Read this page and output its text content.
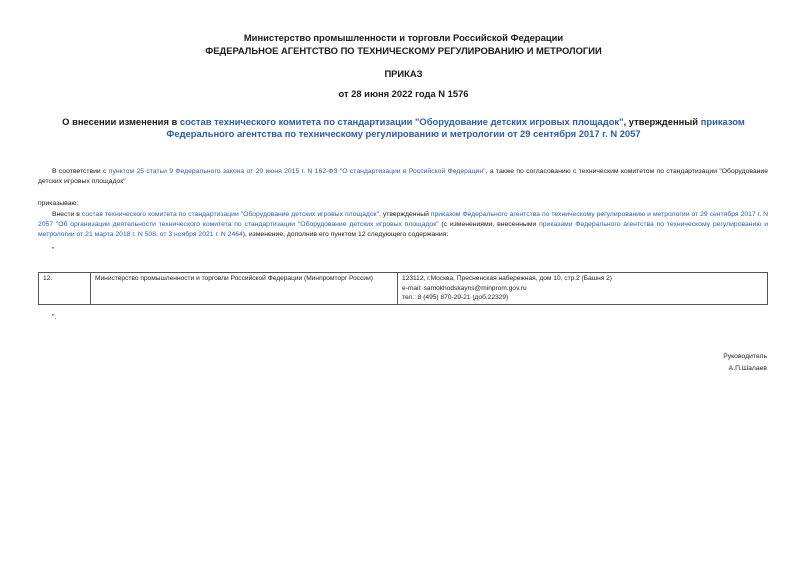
Министерство промышленности и торговли Российской Федерации
ФЕДЕРАЛЬНОЕ АГЕНТСТВО ПО ТЕХНИЧЕСКОМУ РЕГУЛИРОВАНИЮ И МЕТРОЛОГИИ
ПРИКАЗ
от 28 июня 2022 года N 1576
О внесении изменения в состав технического комитета по стандартизации "Оборудование детских игровых площадок", утвержденный приказом Федерального агентства по техническому регулированию и метрологии от 29 сентября 2017 г. N 2057
В соответствии с пунктом 25 статьи 9 Федерального закона от 29 июня 2015 г. N 162-ФЗ "О стандартизации в Российской Федерации", а также по согласованию с техническим комитетом по стандартизации "Оборудование детских игровых площадок"
приказываю:
Внести в состав технического комитета по стандартизации "Оборудование детских игровых площадок", утвержденный приказом Федерального агентства по техническому регулированию и метрологии от 29 сентября 2017 г. N 2057 "Об организации деятельности технического комитета по стандартизации "Оборудование детских игровых площадок" (с изменениями, внесенными приказами Федерального агентства по техническому регулированию и метрологии от 21 марта 2018 г. N 508, от 3 ноября 2021 г. N 2464), изменение, дополнив его пунктом 12 следующего содержания:
"
12.	Министерство промышленности и торговли Российской Федерации (Минпромторг России)	123112, г.Москва, Пресненская набережная, дом 10, стр.2 (Башня 2)
e-mail: samokhodskayns@minprom.gov.ru
тел.: 8 (495) 870-29-21 (доб.22329)
".
Руководитель
А.П.Шалаев
